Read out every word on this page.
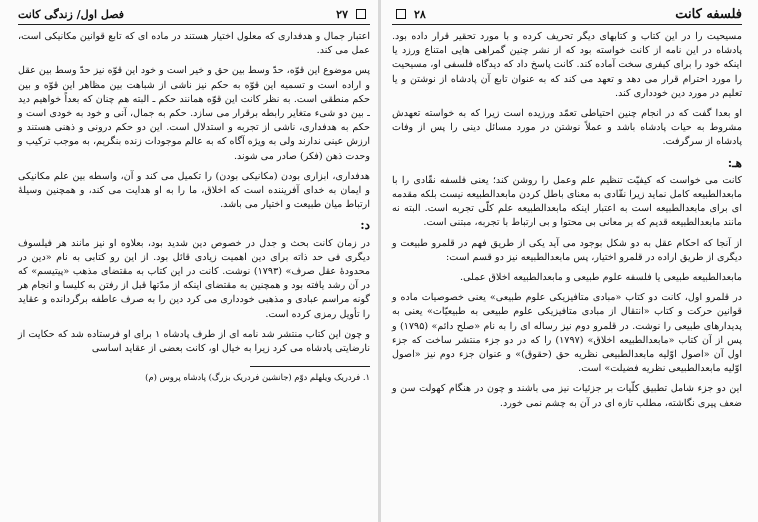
۲۷
فصل اول/ زندگی کانت

اعتبار جمال و هدفداری که معلول اختیار هستند در ماده ای که تابع قوانین مکانیکی است، عمل می کند.

پس موضوع این قوّه، حدّ وسط بین حق و خیر است و خود این قوّه نیز حدّ وسط بین عقل و اراده است و تسمیه این قوّه به حکم نیز ناشی از شباهت بین مظاهر این قوّه و بین حکم منطقی است. به نظر کانت این قوّه همانند حکم ـ البته هم چنان که بعداً خواهیم دید ـ بین دو شیء متغایر رابطه برقرار می سازد. حکم به جمال، آنی و خود به خودی است و حکم به هدفداری، ناشی از تجربه و استدلال است. این دو حکم درونی و ذهنی هستند و ارزش عینی ندارند ولی به ویژه آگاه که به عالم موجودات زنده بنگریم، به موجب ترکیب و وحدت ذهن (فکر) صادر می شوند.

هدفداری، ابزاری بودن (مکانیکی بودن) را تکمیل می کند و آن، واسطه بین علم مکانیکی و ایمان به خدای آفریننده است که اخلاق، ما را به او هدایت می کند، و همچنین وسیلهٔ ارتباط میان طبیعت و اختیار می باشد.

د:

در زمان کانت بحث و جدل در خصوص دین شدید بود، بعلاوه او نیز مانند هر فیلسوف دیگری فی حد ذاته برای دین اهمیت زیادی قائل بود. از این رو کتابی به نام «دین در محدودهٔ عقل صرف» (۱۷۹۳) نوشت. کانت در این کتاب به مقتضای مذهب «پیتیسم» که در آن رشد یافته بود و همچنین به مقتضای اینکه از مدّتها قبل از رفتن به کلیسا و انجام هر گونه مراسم عبادی و مذهبی خودداری می کرد دین را به صرف عاطفه برگردانده و عقاید را تأویل رمزی کرده است.

و چون این کتاب منتشر شد نامه ای از طرف پادشاه ۱ برای او فرستاده شد که حکایت از نارضایتی پادشاه می کرد زیرا به خیال او، کانت بعضی از عقاید اساسی

۱. فردریک ویلهلم دوّم (جانشین فردریک بزرگ) پادشاه پروس (م)
فلسفه کانت
۲۸

مسیحیت را در این کتاب و کتابهای دیگر تحریف کرده و با مورد تحقیر قرار داده بود. پادشاه در این نامه از کانت خواسته بود که از نشر چنین گمراهی هایی امتناع ورزد یا اینکه خود را برای کیفری سخت آماده کند. کانت پاسخ داد که دیدگاه فلسفی او، مسیحیت را مورد احترام قرار می دهد و تعهد می کند که به عنوان تابع آن پادشاه از نوشتن و یا تعلیم در مورد دین خودداری کند.

او بعدا گفت که در انجام چنین احتیاطی تعمّد ورزیده است زیرا که به خواسته تعهدش مشروط به حیات پادشاه باشد و عملاً نوشتن در مورد مسائل دینی را پس از وفات پادشاه از سرگرفت.

هـ:

کانت می خواست که کیفیّت تنظیم علم وعمل را روشن کند؛ یعنی فلسفه نقّادی را با مابعدالطبیعه کامل نماید زیرا نقّادی به معنای باطل کردن مابعدالطبیعه نیست بلکه مقدمه ای برای مابعدالطبیعه است به اعتبار اینکه مابعدالطبیعه علم کلّی تجربه است. البته نه مانند مابعدالطبیعه قدیم که بر معانی بی محتوا و بی ارتباط با تجربه، مبتنی است.

از آنجا که احکام عقل به دو شکل بوجود می آید یکی از طریق فهم در قلمرو طبیعت و دیگری از طریق اراده در قلمرو اختیار، پس مابعدالطبیعه نیز دو قسم است:

مابعدالطبیعه طبیعی یا فلسفه علوم طبیعی و مابعدالطبیعه اخلاق عملی.

در قلمرو اول، کانت دو کتاب «مبادی متافیزیکی علوم طبیعی» یعنی خصوصیات ماده و قوانین حرکت و کتاب «انتقال از مبادی متافیزیکی علوم طبیعی به طبیعیّات» یعنی به پدیدارهای طبیعی را نوشت. در قلمرو دوم نیز رساله ای را به نام «صلح دائم» (۱۷۹۵) و پس از آن کتاب «مابعدالطبیعه اخلاق» (۱۷۹۷) را که در دو جزء منتشر ساخت که جزء اول آن «اصول اوّلیه مابعدالطبیعی نظریه حق (حقوق)» و عنوان جزء دوم نیز «اصول اوّلیه مابعدالطبیعی نظریه فضیلت» است.

این دو جزء شامل تطبیق کلّیات بر جزئیات نیز می باشند و چون در هنگام کهولت سن و ضعف پیری نگاشته، مطلب تازه ای در آن به چشم نمی خورد.
